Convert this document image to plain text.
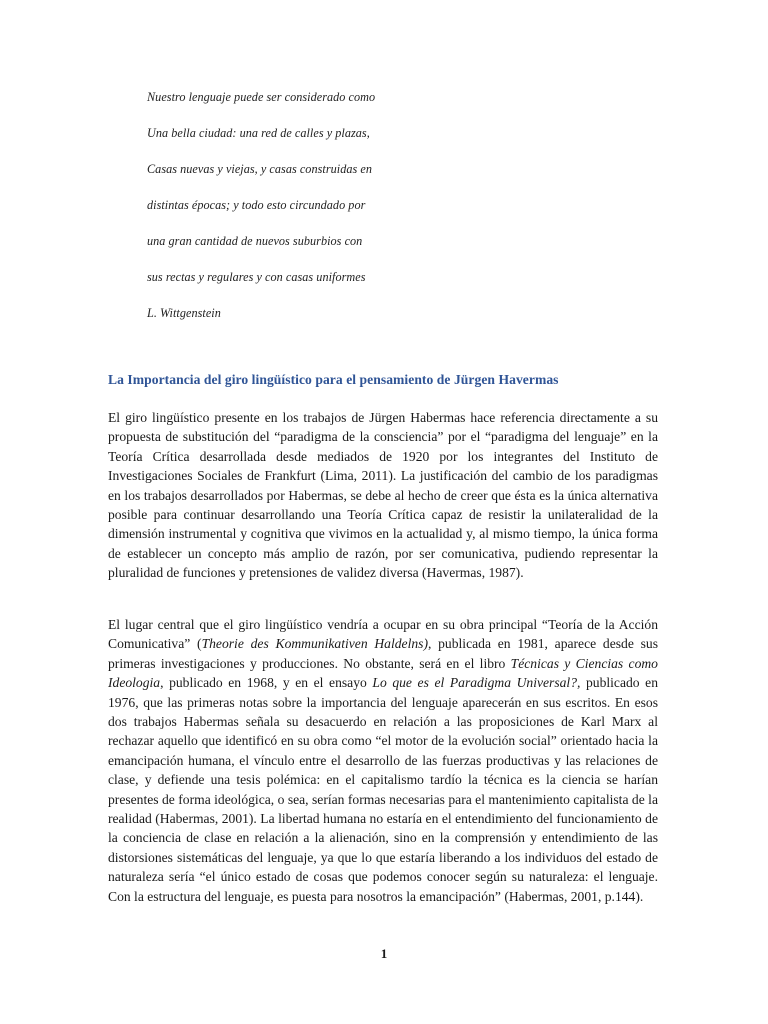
Nuestro lenguaje puede ser considerado como
Una bella ciudad: una red de calles y plazas,
Casas nuevas y viejas, y casas construidas en
distintas épocas; y todo esto circundado por
una gran cantidad de nuevos suburbios con
sus rectas y regulares y con casas uniformes
L. Wittgenstein
La Importancia del giro lingüístico para el pensamiento de Jürgen Havermas

El giro lingüístico presente en los trabajos de Jürgen Habermas hace referencia directamente a su propuesta de substitución del “paradigma de la consciencia” por el “paradigma del lenguaje” en la Teoría Crítica desarrollada desde mediados de 1920 por los integrantes del Instituto de Investigaciones Sociales de Frankfurt (Lima, 2011). La justificación del cambio de los paradigmas en los trabajos desarrollados por Habermas, se debe al hecho de creer que ésta es la única alternativa posible para continuar desarrollando una Teoría Crítica capaz de resistir la unilateralidad de la dimensión instrumental y cognitiva que vivimos en la actualidad y, al mismo tiempo, la única forma de establecer un concepto más amplio de razón, por ser comunicativa, pudiendo representar la pluralidad de funciones y pretensiones de validez diversa (Havermas, 1987).

El lugar central que el giro lingüístico vendría a ocupar en su obra principal “Teoría de la Acción Comunicativa” (Theorie des Kommunikativen Haldelns), publicada en 1981, aparece desde sus primeras investigaciones y producciones. No obstante, será en el libro Técnicas y Ciencias como Ideologia, publicado en 1968, y en el ensayo Lo que es el Paradigma Universal?, publicado en 1976, que las primeras notas sobre la importancia del lenguaje aparecerán en sus escritos. En esos dos trabajos Habermas señala su desacuerdo en relación a las proposiciones de Karl Marx al rechazar aquello que identificó en su obra como “el motor de la evolución social” orientado hacia la emancipación humana, el vínculo entre el desarrollo de las fuerzas productivas y las relaciones de clase, y defiende una tesis polémica: en el capitalismo tardío la técnica es la ciencia se harían presentes de forma ideológica, o sea, serían formas necesarias para el mantenimiento capitalista de la realidad (Habermas, 2001). La libertad humana no estaría en el entendimiento del funcionamiento de la conciencia de clase en relación a la alienación, sino en la comprensión y entendimiento de las distorsiones sistemáticas del lenguaje, ya que lo que estaría liberando a los individuos del estado de naturaleza sería “el único estado de cosas que podemos conocer según su naturaleza: el lenguaje. Con la estructura del lenguaje, es puesta para nosotros la emancipación” (Habermas, 2001, p.144).

1
